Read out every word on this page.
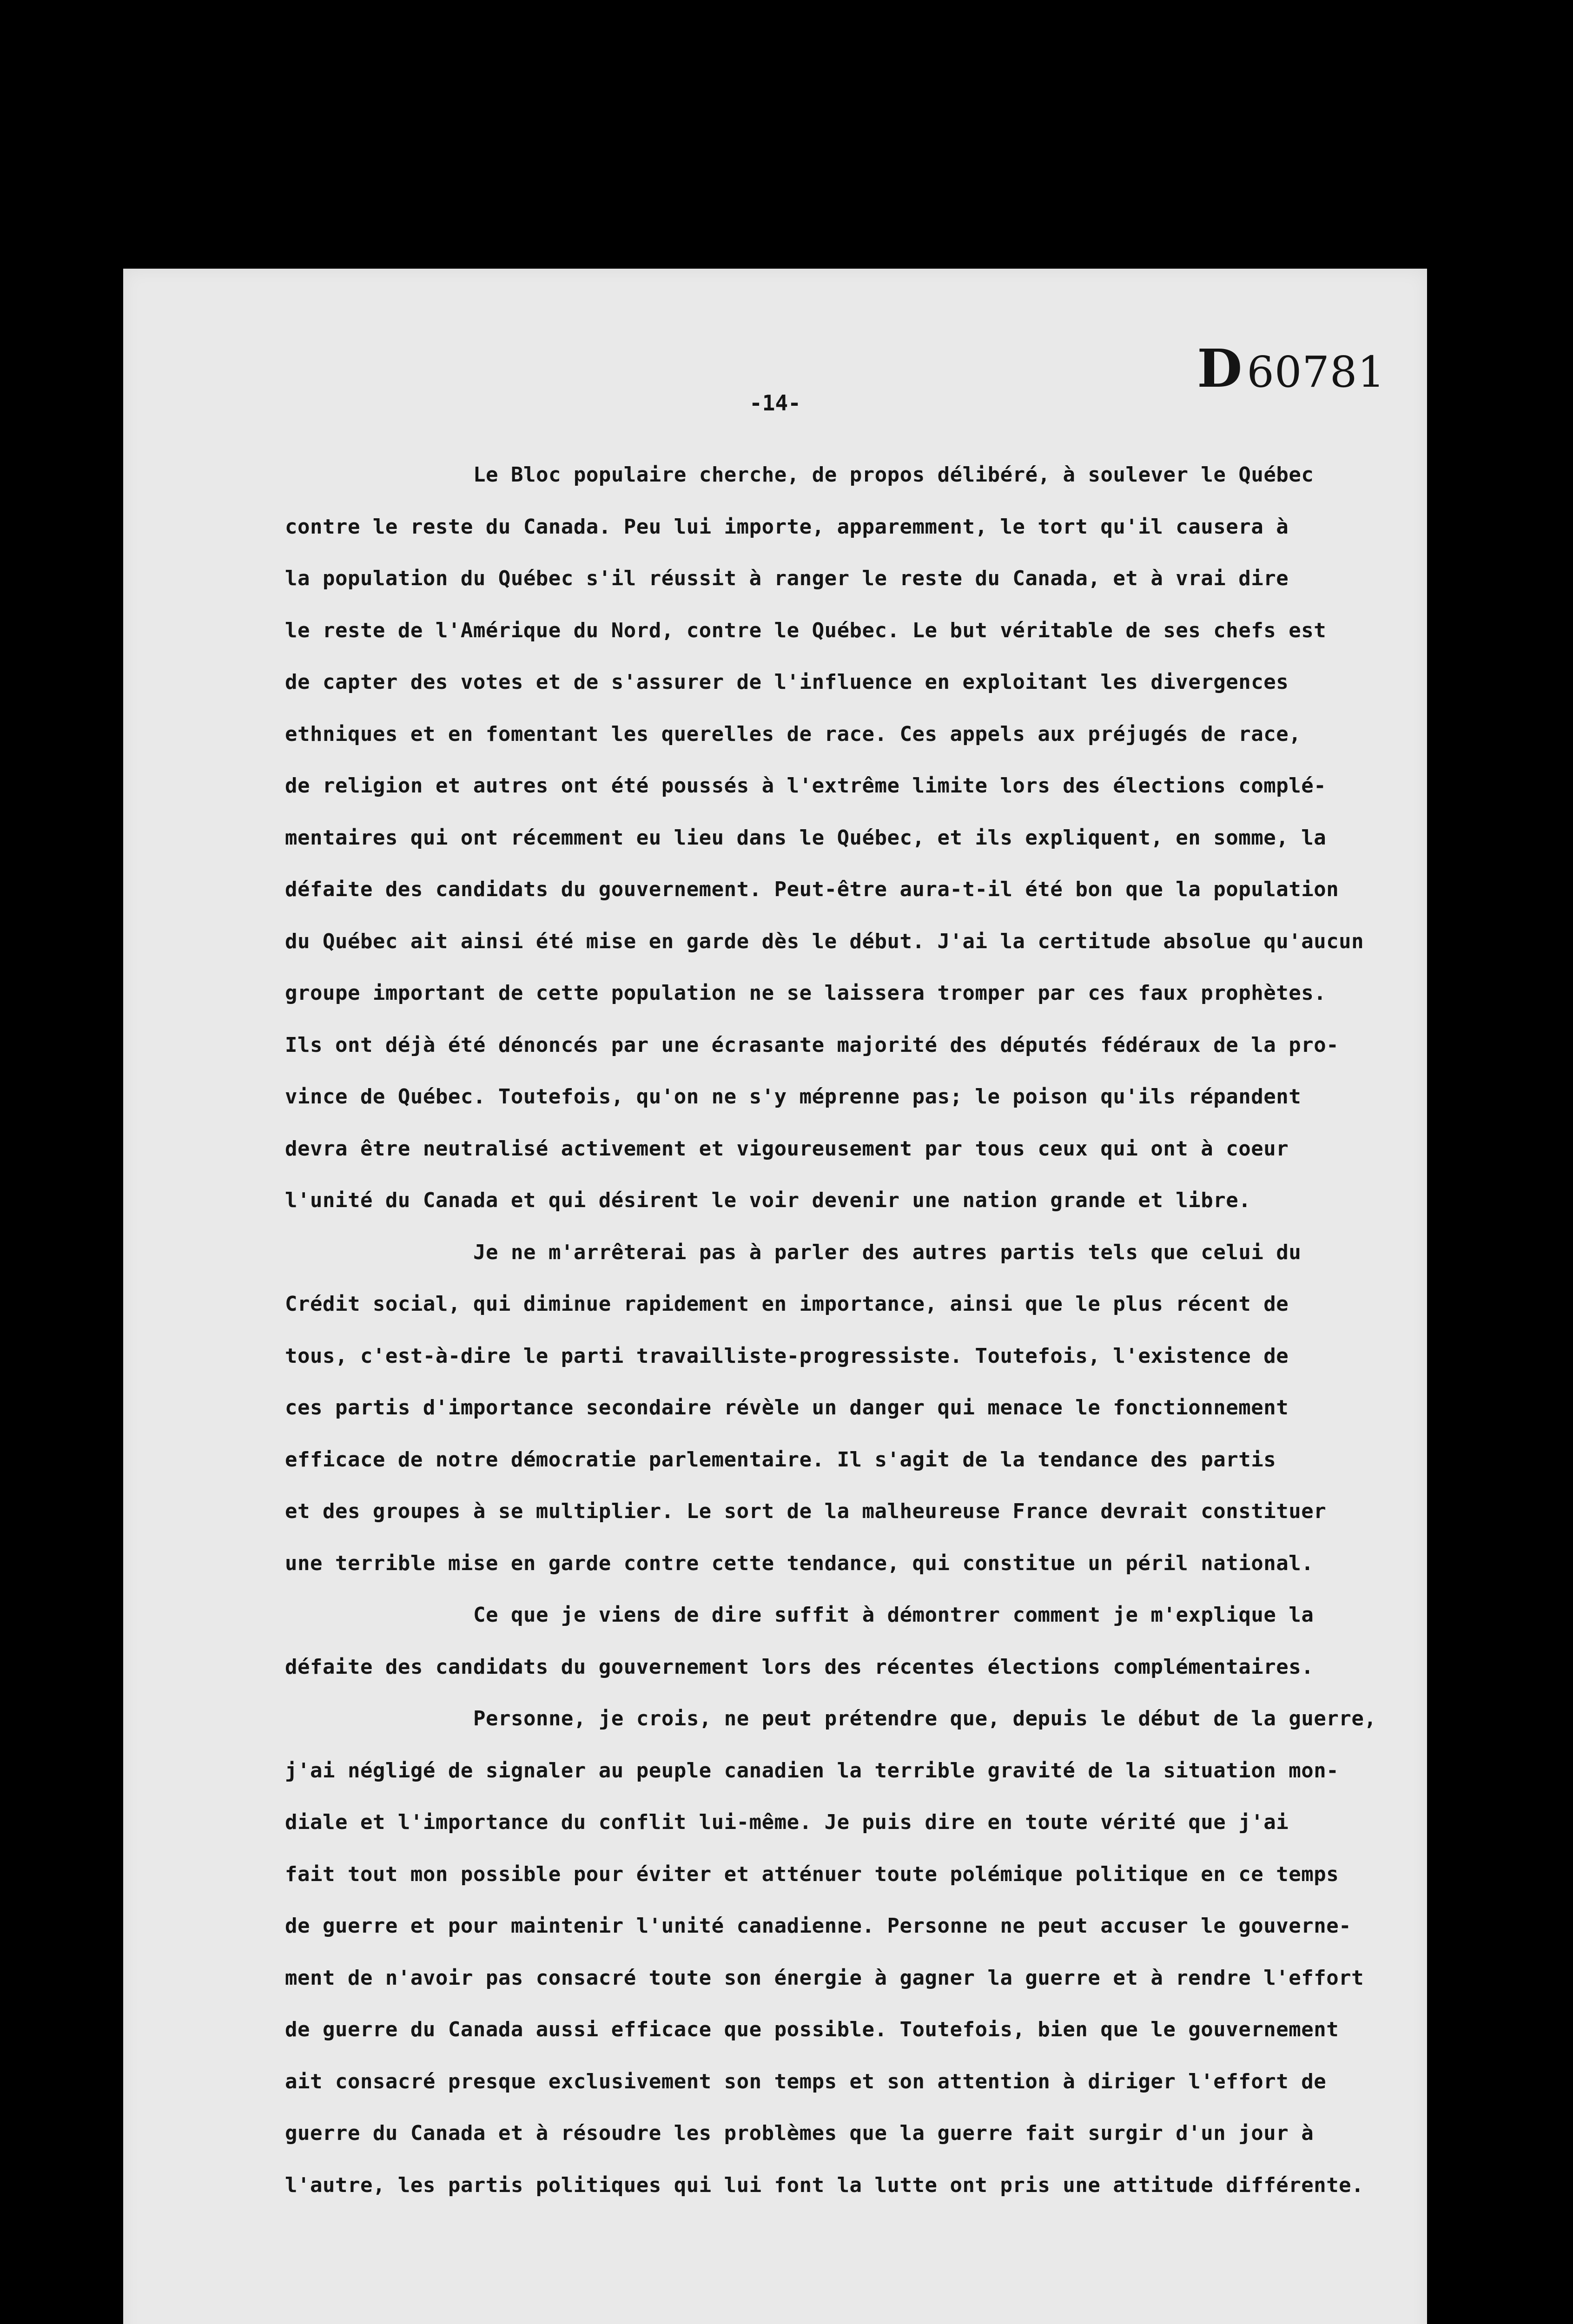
D 60781
-14-
Le Bloc populaire cherche, de propos délibéré, à soulever le Québec
contre le reste du Canada. Peu lui importe, apparemment, le tort qu'il causera à
la population du Québec s'il réussit à ranger le reste du Canada, et à vrai dire
le reste de l'Amérique du Nord, contre le Québec. Le but véritable de ses chefs est
de capter des votes et de s'assurer de l'influence en exploitant les divergences
ethniques et en fomentant les querelles de race. Ces appels aux préjugés de race,
de religion et autres ont été poussés à l'extrême limite lors des élections complé-
mentaires qui ont récemment eu lieu dans le Québec, et ils expliquent, en somme, la
défaite des candidats du gouvernement. Peut-être aura-t-il été bon que la population
du Québec ait ainsi été mise en garde dès le début. J'ai la certitude absolue qu'aucun
groupe important de cette population ne se laissera tromper par ces faux prophètes.
Ils ont déjà été dénoncés par une écrasante majorité des députés fédéraux de la pro-
vince de Québec. Toutefois, qu'on ne s'y méprenne pas; le poison qu'ils répandent
devra être neutralisé activement et vigoureusement par tous ceux qui ont à coeur
l'unité du Canada et qui désirent le voir devenir une nation grande et libre.
Je ne m'arrêterai pas à parler des autres partis tels que celui du
Crédit social, qui diminue rapidement en importance, ainsi que le plus récent de
tous, c'est-à-dire le parti travailliste-progressiste. Toutefois, l'existence de
ces partis d'importance secondaire révèle un danger qui menace le fonctionnement
efficace de notre démocratie parlementaire. Il s'agit de la tendance des partis
et des groupes à se multiplier. Le sort de la malheureuse France devrait constituer
une terrible mise en garde contre cette tendance, qui constitue un péril national.
Ce que je viens de dire suffit à démontrer comment je m'explique la
défaite des candidats du gouvernement lors des récentes élections complémentaires.
Personne, je crois, ne peut prétendre que, depuis le début de la guerre,
j'ai négligé de signaler au peuple canadien la terrible gravité de la situation mon-
diale et l'importance du conflit lui-même. Je puis dire en toute vérité que j'ai
fait tout mon possible pour éviter et atténuer toute polémique politique en ce temps
de guerre et pour maintenir l'unité canadienne. Personne ne peut accuser le gouverne-
ment de n'avoir pas consacré toute son énergie à gagner la guerre et à rendre l'effort
de guerre du Canada aussi efficace que possible. Toutefois, bien que le gouvernement
ait consacré presque exclusivement son temps et son attention à diriger l'effort de
guerre du Canada et à résoudre les problèmes que la guerre fait surgir d'un jour à
l'autre, les partis politiques qui lui font la lutte ont pris une attitude différente.
